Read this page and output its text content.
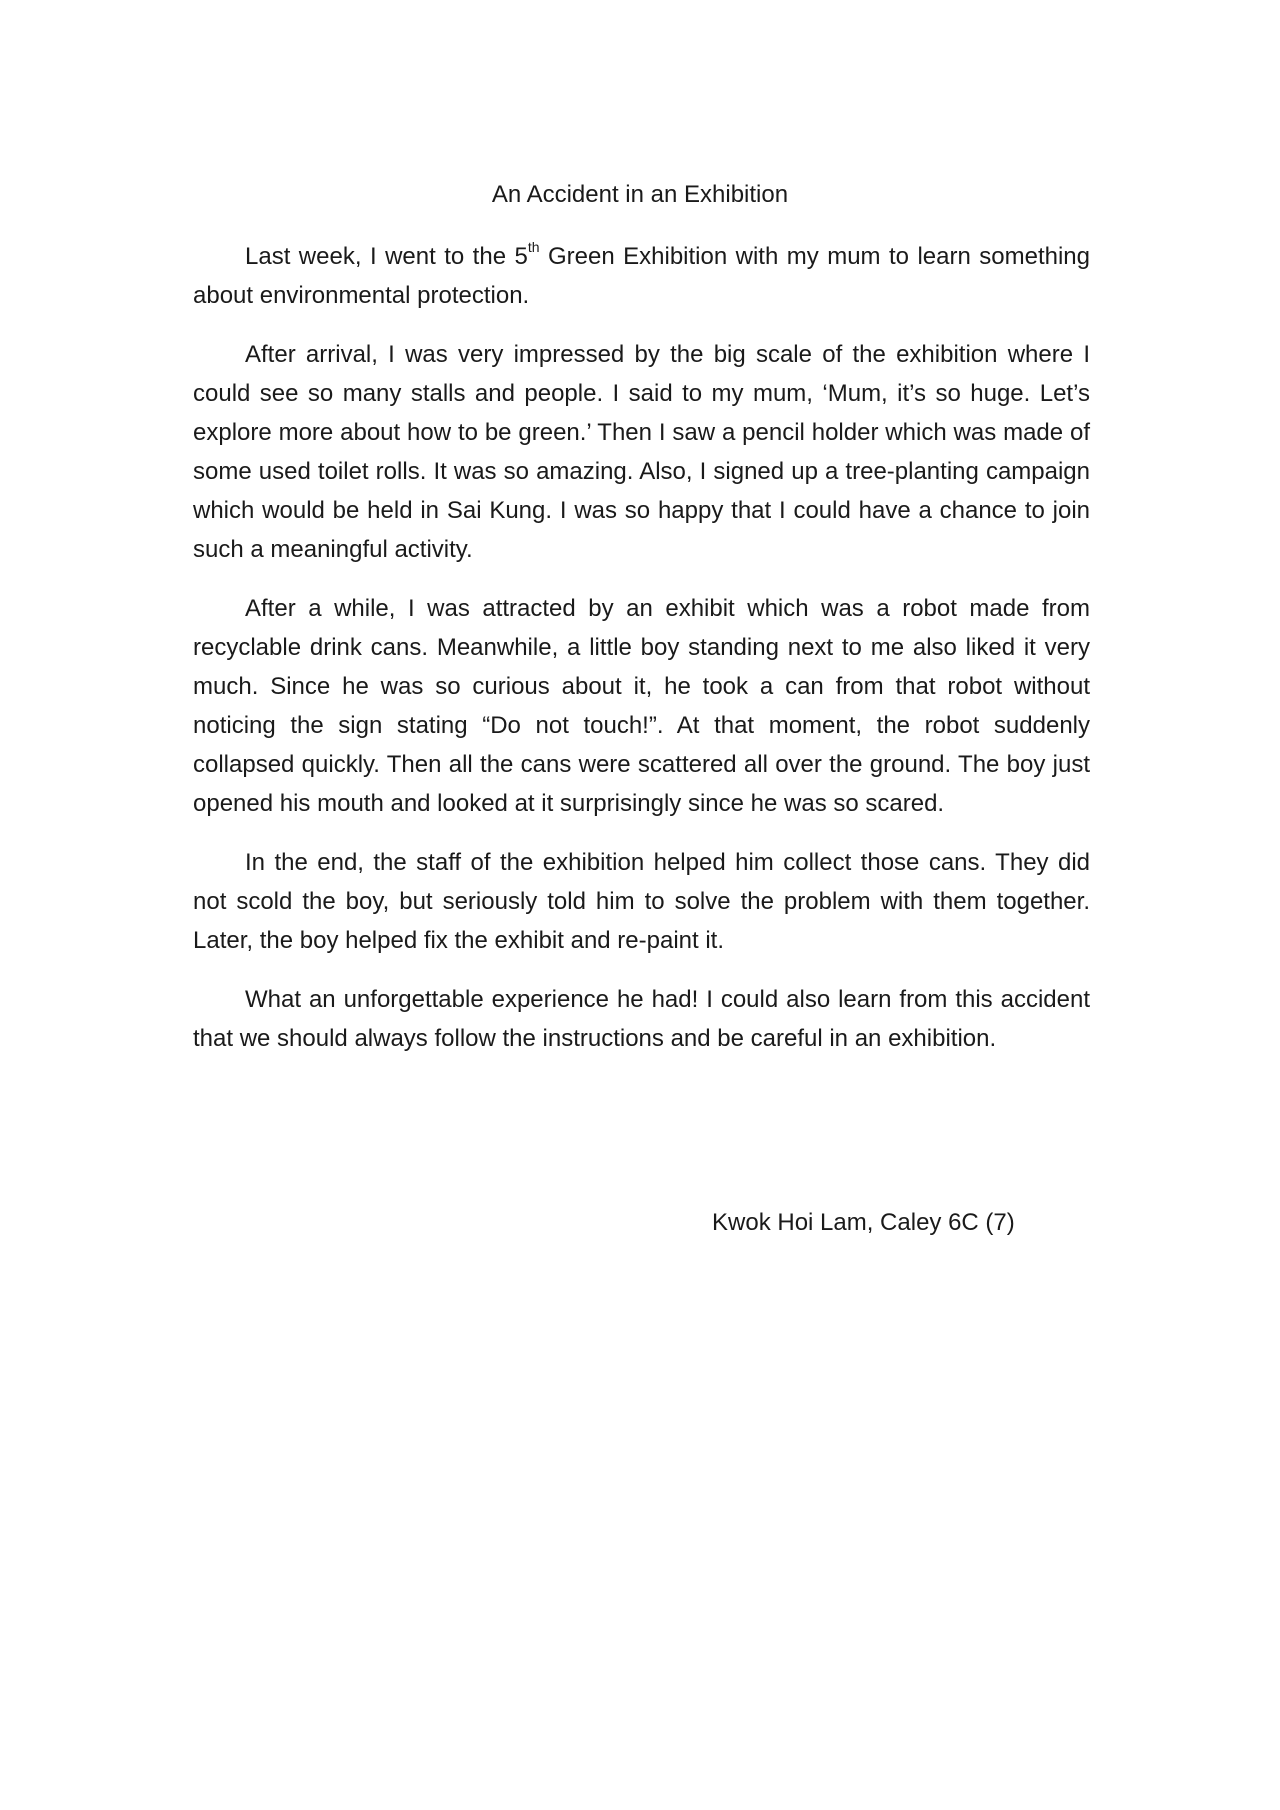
An Accident in an Exhibition

Last week, I went to the 5th Green Exhibition with my mum to learn something about environmental protection.

After arrival, I was very impressed by the big scale of the exhibition where I could see so many stalls and people. I said to my mum, ‘Mum, it’s so huge. Let’s explore more about how to be green.’ Then I saw a pencil holder which was made of some used toilet rolls. It was so amazing. Also, I signed up a tree-planting campaign which would be held in Sai Kung. I was so happy that I could have a chance to join such a meaningful activity.

After a while, I was attracted by an exhibit which was a robot made from recyclable drink cans. Meanwhile, a little boy standing next to me also liked it very much. Since he was so curious about it, he took a can from that robot without noticing the sign stating “Do not touch!”. At that moment, the robot suddenly collapsed quickly. Then all the cans were scattered all over the ground. The boy just opened his mouth and looked at it surprisingly since he was so scared.

In the end, the staff of the exhibition helped him collect those cans. They did not scold the boy, but seriously told him to solve the problem with them together. Later, the boy helped fix the exhibit and re-paint it.

What an unforgettable experience he had! I could also learn from this accident that we should always follow the instructions and be careful in an exhibition.

Kwok Hoi Lam, Caley 6C (7)
